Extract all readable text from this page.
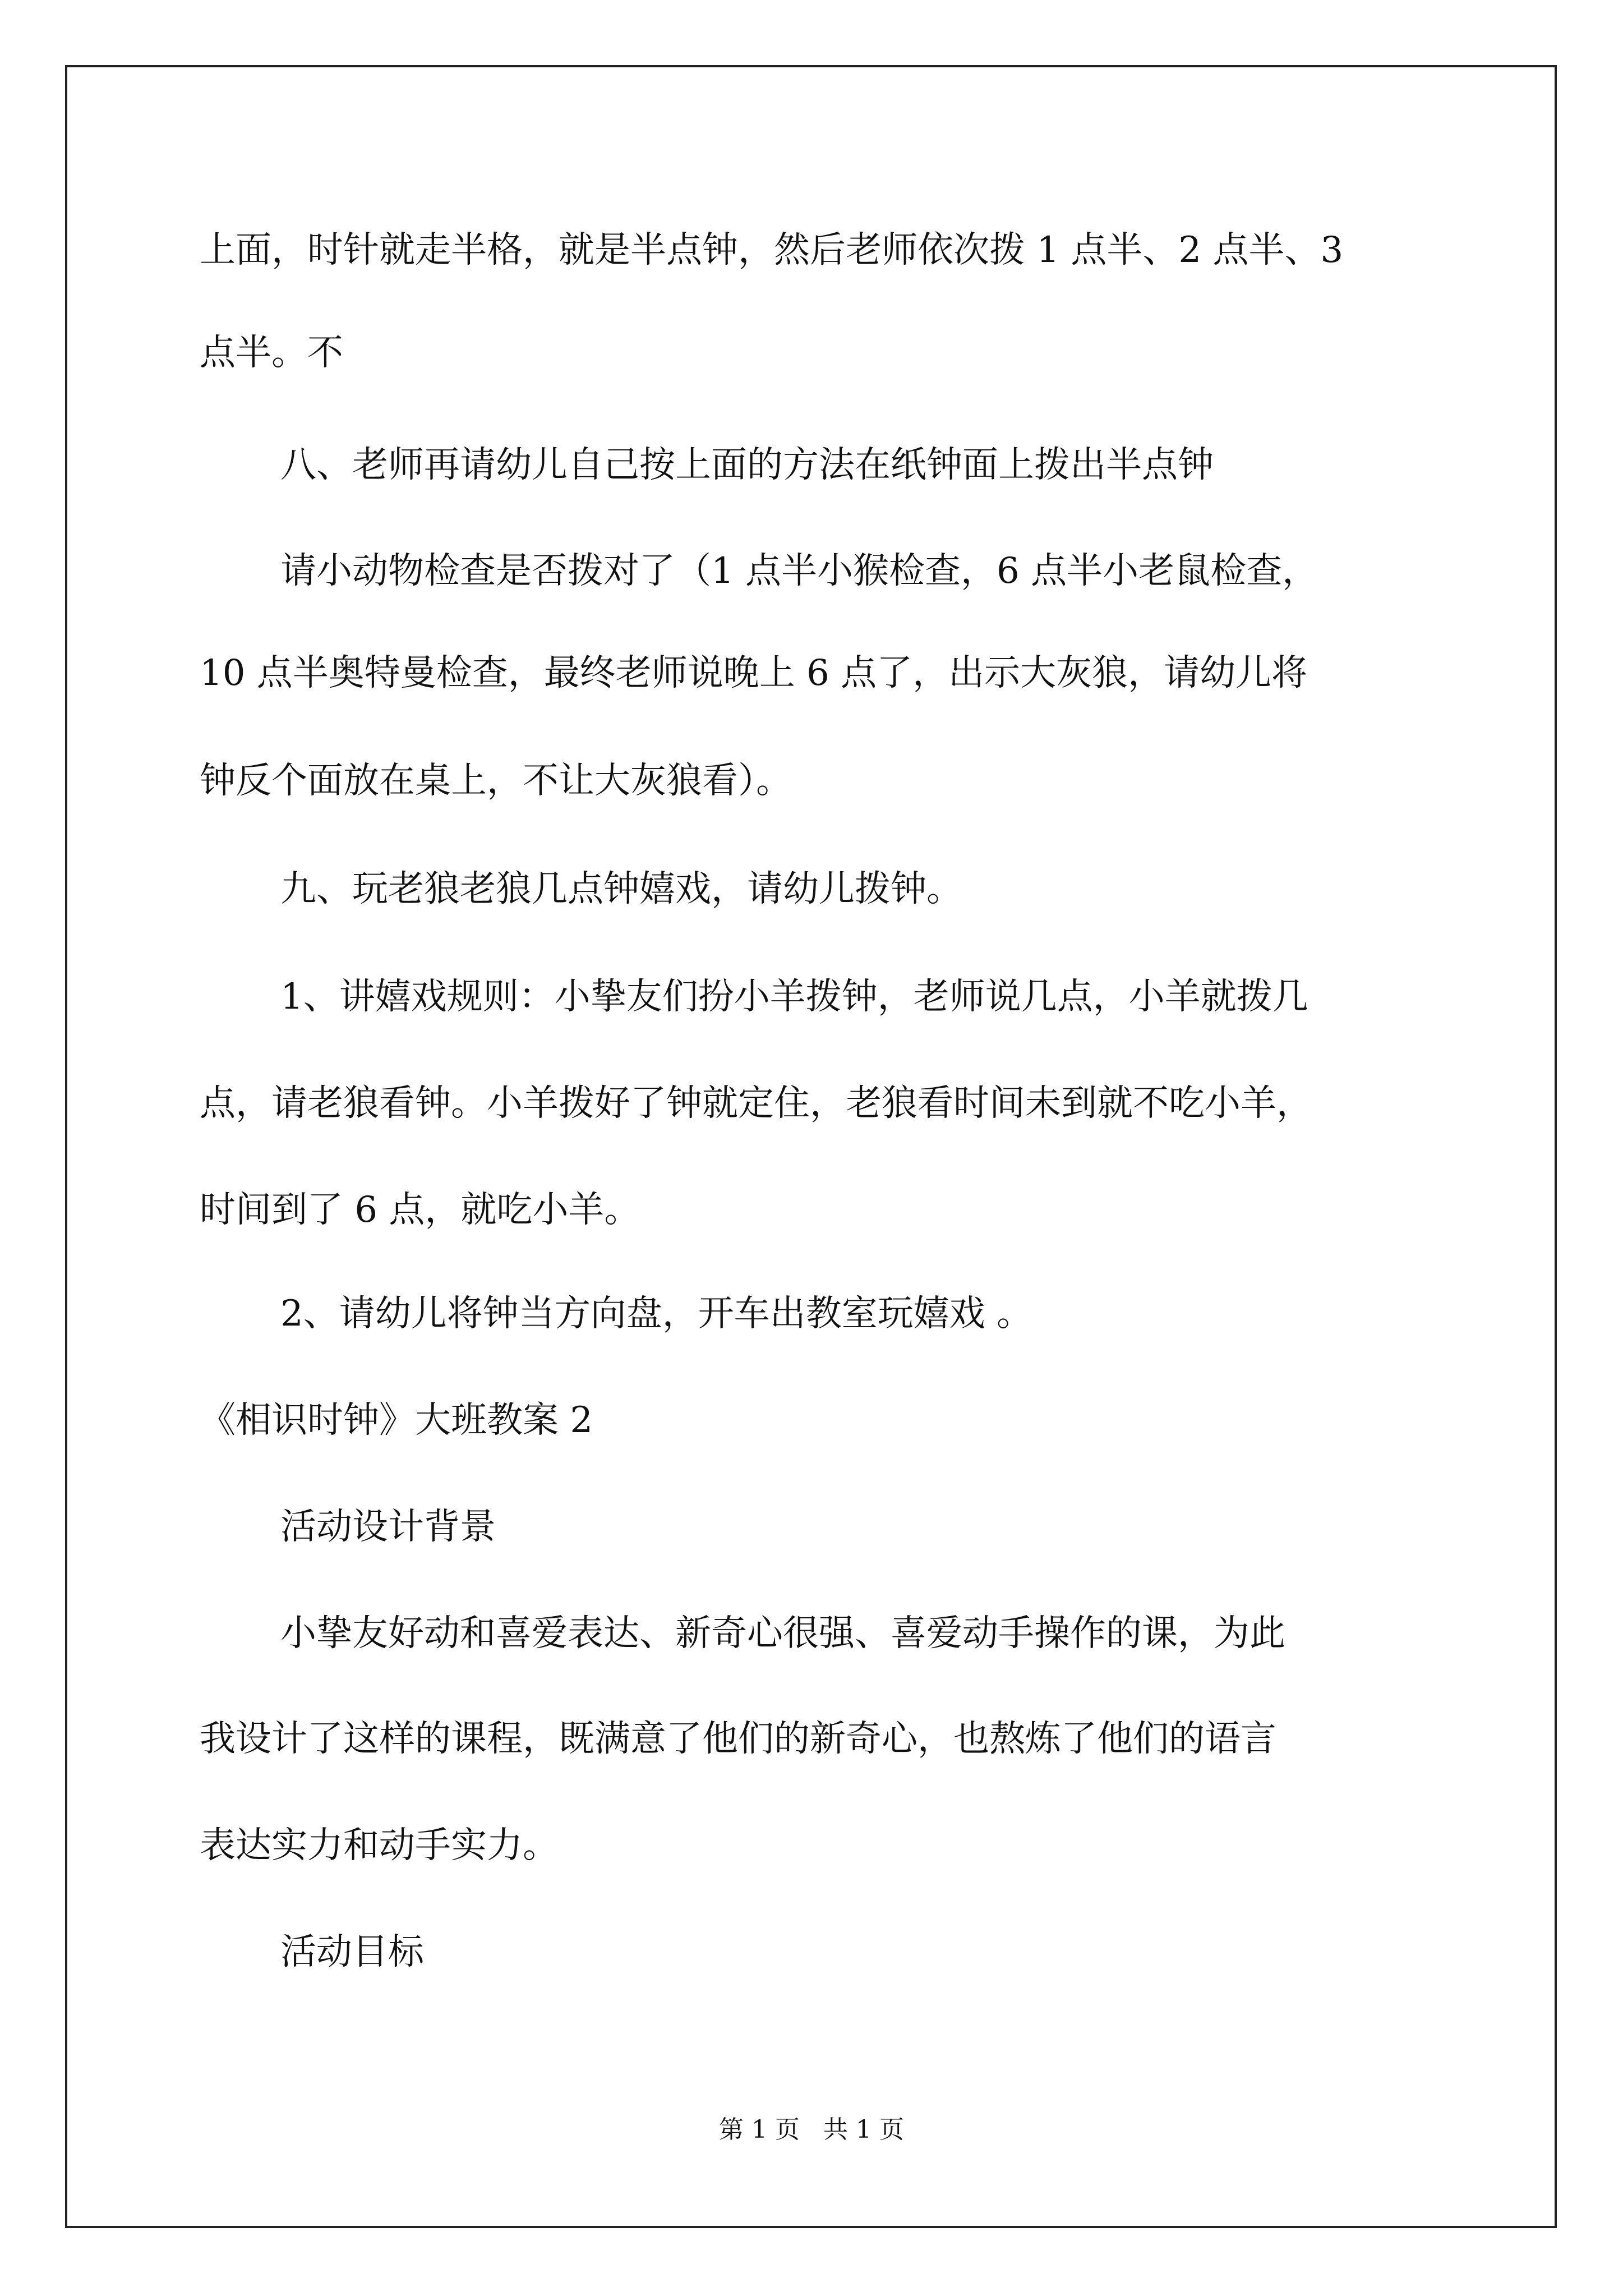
上面，时针就走半格，就是半点钟，然后老师依次拨 1 点半、2 点半、3

点半。不

八、老师再请幼儿自己按上面的方法在纸钟面上拨出半点钟

请小动物检查是否拨对了（1 点半小猴检查，6 点半小老鼠检查，

10 点半奥特曼检查，最终老师说晚上 6 点了，出示大灰狼，请幼儿将

钟反个面放在桌上，不让大灰狼看）。

九、玩老狼老狼几点钟嬉戏，请幼儿拨钟。

1、讲嬉戏规则：小挚友们扮小羊拨钟，老师说几点，小羊就拨几

点，请老狼看钟。小羊拨好了钟就定住，老狼看时间未到就不吃小羊，

时间到了 6 点，就吃小羊。

2、请幼儿将钟当方向盘，开车出教室玩嬉戏 。

《相识时钟》大班教案 2

活动设计背景

小挚友好动和喜爱表达、新奇心很强、喜爱动手操作的课，为此

我设计了这样的课程，既满意了他们的新奇心，也熬炼了他们的语言

表达实力和动手实力。

活动目标

第 1 页   共 1 页
